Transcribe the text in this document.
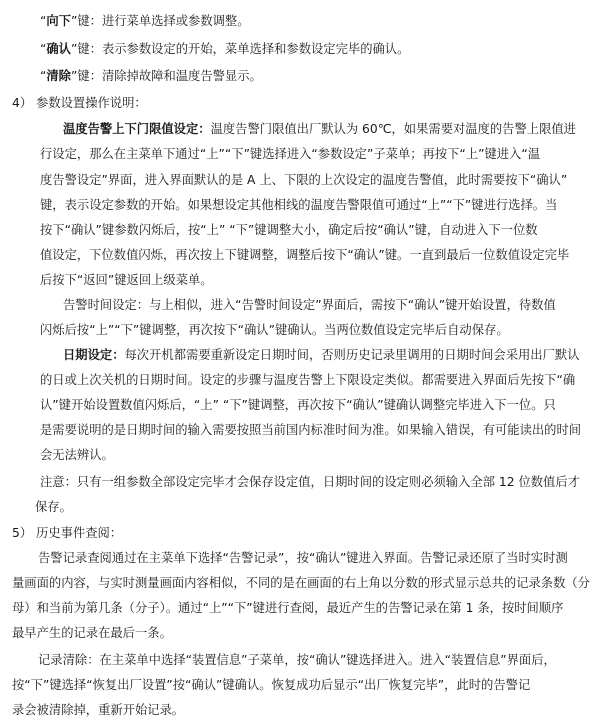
“向下”键：进行菜单选择或参数调整。
“确认”键：表示参数设定的开始，菜单选择和参数设定完毕的确认。
“清除”键：清除掉故障和温度告警显示。
4） 参数设置操作说明：
温度告警上下门限值设定：温度告警门限值出厂默认为 60℃，如果需要对温度的告警上限值进
行设定，那么在主菜单下通过“上”“下”键选择进入“参数设定”子菜单；再按下“上”键进入“温
度告警设定”界面，进入界面默认的是 A 上、下限的上次设定的温度告警值，此时需要按下“确认”
键，表示设定参数的开始。如果想设定其他相线的温度告警限值可通过“上”“下”键进行选择。当
按下“确认”键参数闪烁后，按“上” “下”键调整大小，确定后按“确认”键，自动进入下一位数
值设定，下位数值闪烁，再次按上下键调整，调整后按下“确认”键。一直到最后一位数值设定完毕
后按下“返回”键返回上级菜单。
告警时间设定：与上相似，进入“告警时间设定”界面后，需按下“确认”键开始设置，待数值
闪烁后按“上”“下”键调整，再次按下“确认”键确认。当两位数值设定完毕后自动保存。
日期设定：每次开机都需要重新设定日期时间，否则历史记录里调用的日期时间会采用出厂默认
的日或上次关机的日期时间。设定的步骤与温度告警上下限设定类似。都需要进入界面后先按下“确
认”键开始设置数值闪烁后，“上” “下”键调整，再次按下“确认”键确认调整完毕进入下一位。只
是需要说明的是日期时间的输入需要按照当前国内标准时间为准。如果输入错误，有可能读出的时间
会无法辨认。
注意：只有一组参数全部设定完毕才会保存设定值，日期时间的设定则必须输入全部 12 位数值后才
保存。
5） 历史事件查阅：
告警记录查阅通过在主菜单下选择“告警记录”，按“确认”键进入界面。告警记录还原了当时实时测
量画面的内容，与实时测量画面内容相似，不同的是在画面的右上角以分数的形式显示总共的记录条数（分
母）和当前为第几条（分子）。通过“上”“下”键进行查阅，最近产生的告警记录在第 1 条，按时间顺序
最早产生的记录在最后一条。
记录清除：在主菜单中选择“装置信息”子菜单，按“确认”键选择进入。进入“装置信息”界面后，
按“下”键选择“恢复出厂设置”按“确认”键确认。恢复成功后显示“出厂恢复完毕”，此时的告警记
录会被清除掉，重新开始记录。
